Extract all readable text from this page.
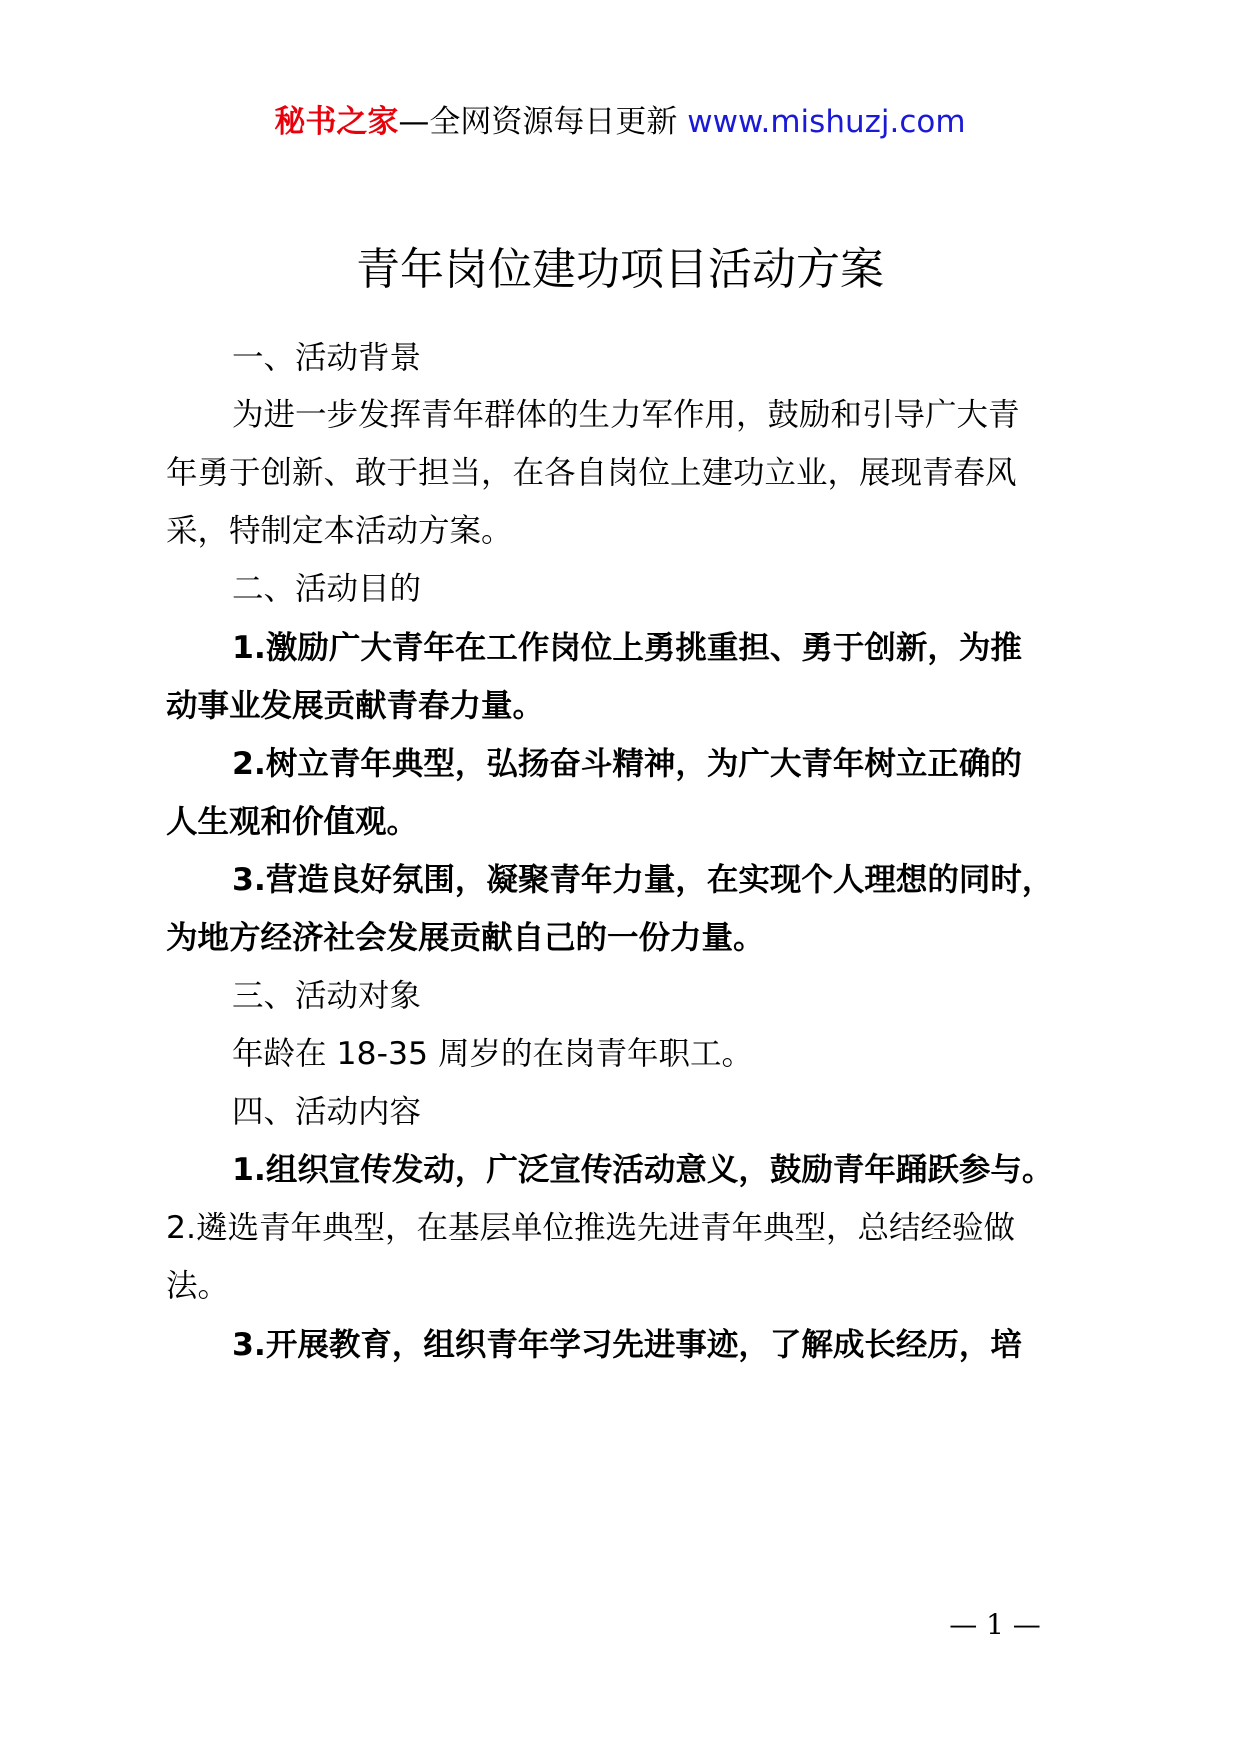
秘书之家—全网资源每日更新 www.mishuzj.com
青年岗位建功项目活动方案

一、活动背景

为进一步发挥青年群体的生力军作用，鼓励和引导广大青

年勇于创新、敢于担当，在各自岗位上建功立业，展现青春风

采，特制定本活动方案。

二、活动目的

1.激励广大青年在工作岗位上勇挑重担、勇于创新，为推

动事业发展贡献青春力量。

2.树立青年典型，弘扬奋斗精神，为广大青年树立正确的

人生观和价值观。

3.营造良好氛围，凝聚青年力量，在实现个人理想的同时，

为地方经济社会发展贡献自己的一份力量。

三、活动对象

年龄在 18-35 周岁的在岗青年职工。

四、活动内容

1.组织宣传发动，广泛宣传活动意义，鼓励青年踊跃参与。

2.遴选青年典型，在基层单位推选先进青年典型，总结经验做

法。

3.开展教育，组织青年学习先进事迹，了解成长经历，培

— 1 —
